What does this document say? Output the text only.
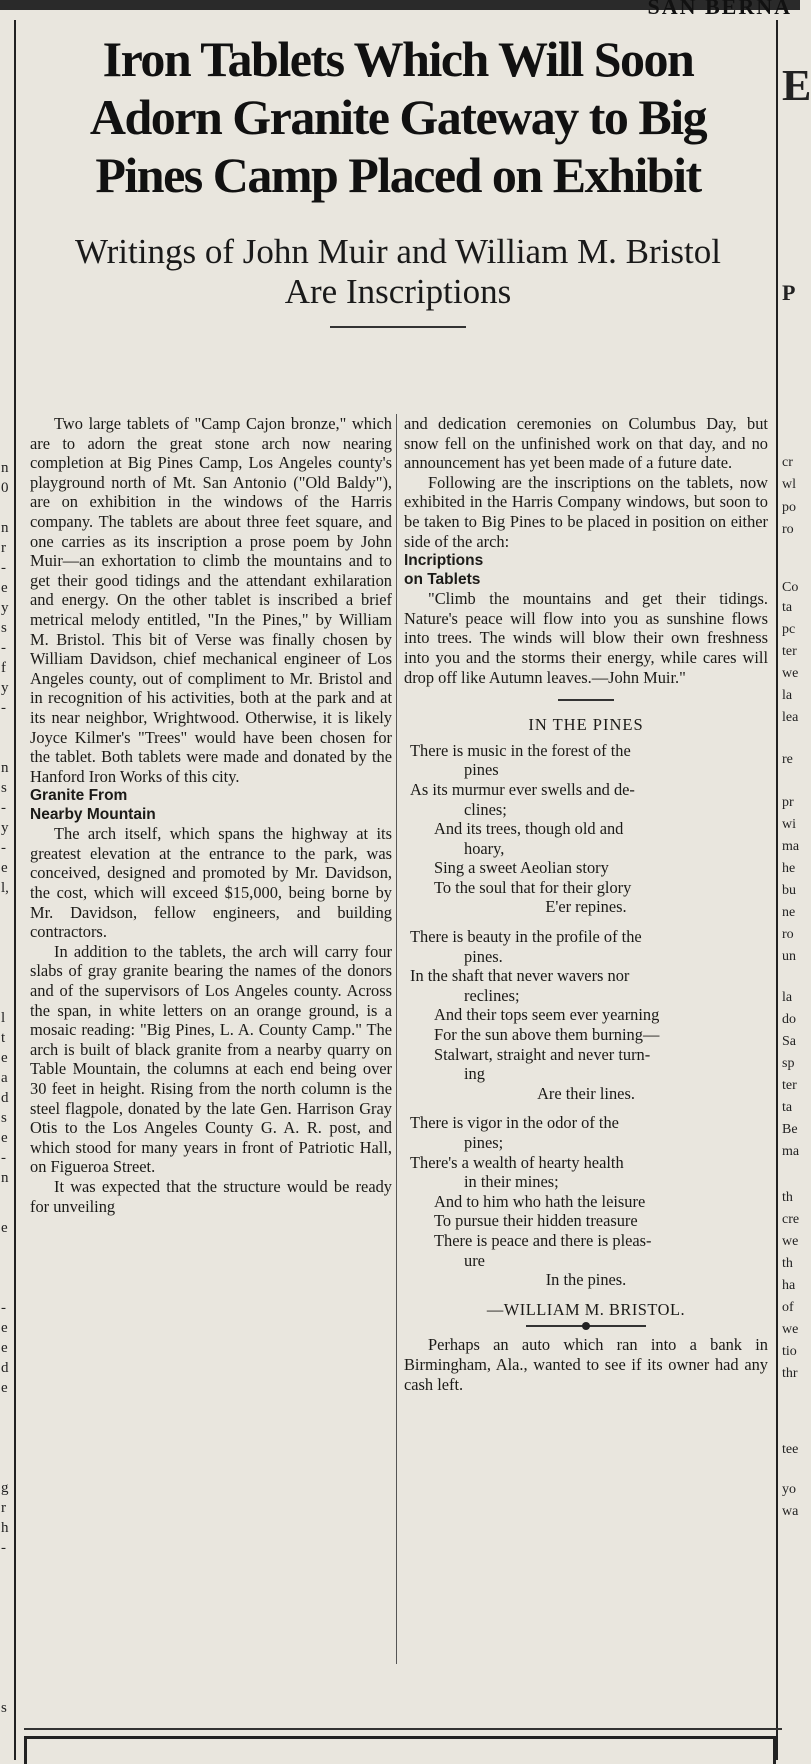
SAN BERNA
n
0
n
r
-
e
y
s
-
f
y
-
n
s
-
y
-
e
l,
l
t
e
a
d
s
e
-
n
e
-
e
e
d
e
g
r
h
-
s
E
P
cr
wl
po
ro
Co
ta
pc
ter
we
la
lea
re
pr
wi
ma
he
bu
ne
ro
un
la
do
Sa
sp
ter
ta
Be
ma
th
cre
we
th
ha
of
we
tio
thr
tee
yo
wa
Iron Tablets Which Will Soon
Adorn Granite Gateway to Big
Pines Camp Placed on Exhibit
Writings of John Muir and William M. Bristol
Are Inscriptions

Two large tablets of "Camp Cajon bronze," which are to adorn the great stone arch now nearing completion at Big Pines Camp, Los Angeles county's playground north of Mt. San Antonio ("Old Baldy"), are on exhibition in the windows of the Harris company. The tablets are about three feet square, and one carries as its inscription a prose poem by John Muir—an exhortation to climb the mountains and to get their good tidings and the attendant exhilaration and energy. On the other tablet is inscribed a brief metrical melody entitled, "In the Pines," by William M. Bristol. This bit of Verse was finally chosen by William Davidson, chief mechanical engineer of Los Angeles county, out of compliment to Mr. Bristol and in recognition of his activities, both at the park and at its near neighbor, Wrightwood. Otherwise, it is likely Joyce Kilmer's "Trees" would have been chosen for the tablet. Both tablets were made and donated by the Hanford Iron Works of this city.

Granite From

Nearby Mountain

The arch itself, which spans the highway at its greatest elevation at the entrance to the park, was conceived, designed and promoted by Mr. Davidson, the cost, which will exceed $15,000, being borne by Mr. Davidson, fellow engineers, and building contractors.

In addition to the tablets, the arch will carry four slabs of gray granite bearing the names of the donors and of the supervisors of Los Angeles county. Across the span, in white letters on an orange ground, is a mosaic reading: "Big Pines, L. A. County Camp." The arch is built of black granite from a nearby quarry on Table Mountain, the columns at each end being over 30 feet in height. Rising from the north column is the steel flagpole, donated by the late Gen. Harrison Gray Otis to the Los Angeles County G. A. R. post, and which stood for many years in front of Patriotic Hall, on Figueroa Street.

It was expected that the structure would be ready for unveiling

and dedication ceremonies on Columbus Day, but snow fell on the unfinished work on that day, and no announcement has yet been made of a future date.

Following are the inscriptions on the tablets, now exhibited in the Harris Company windows, but soon to be taken to Big Pines to be placed in position on either side of the arch:

Incriptions

on Tablets

"Climb the mountains and get their tidings. Nature's peace will flow into you as sunshine flows into trees. The winds will blow their own freshness into you and the storms their energy, while cares will drop off like Autumn leaves.—John Muir."

IN THE PINES

There is music in the forest of the

pines

As its murmur ever swells and de-

clines;

And its trees, though old and

hoary,

Sing a sweet Aeolian story

To the soul that for their glory

E'er repines.

There is beauty in the profile of the

pines.

In the shaft that never wavers nor

reclines;

And their tops seem ever yearning

For the sun above them burning—

Stalwart, straight and never turn-

ing

Are their lines.

There is vigor in the odor of the

pines;

There's a wealth of hearty health

in their mines;

And to him who hath the leisure

To pursue their hidden treasure

There is peace and there is pleas-

ure

In the pines.

—WILLIAM M. BRISTOL.

Perhaps an auto which ran into a bank in Birmingham, Ala., wanted to see if its owner had any cash left.
